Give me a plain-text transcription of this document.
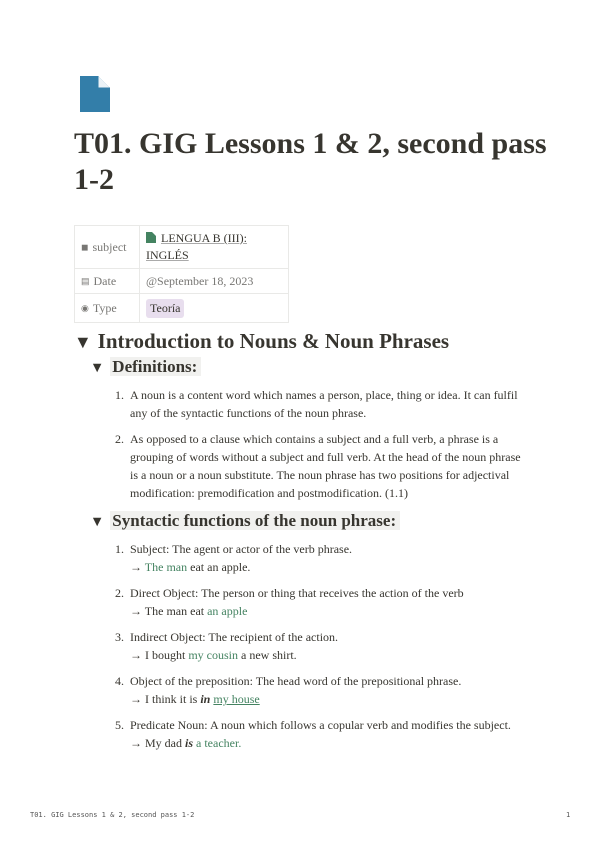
T01. GIG Lessons 1 & 2, second pass 1-2
◼ subject	LENGUA B (III): INGLÉS
▤ Date	@September 18, 2023
◉ Type	Teoría
▼ Introduction to Nouns & Noun Phrases
▼ Definitions:
1. A noun is a content word which names a person, place, thing or idea. It can fulfil any of the syntactic functions of the noun phrase.
2. As opposed to a clause which contains a subject and a full verb, a phrase is a grouping of words without a subject and full verb. At the head of the noun phrase is a noun or a noun substitute. The noun phrase has two positions for adjectival modification: premodification and postmodification. (1.1)
▼ Syntactic functions of the noun phrase:
1. Subject: The agent or actor of the verb phrase.
→ The man eat an apple.
2. Direct Object: The person or thing that receives the action of the verb
→ The man eat an apple
3. Indirect Object: The recipient of the action.
→ I bought my cousin a new shirt.
4. Object of the preposition: The head word of the prepositional phrase.
→ I think it is in my house
5. Predicate Noun: A noun which follows a copular verb and modifies the subject.
→ My dad is a teacher.
T01. GIG Lessons 1 & 2, second pass 1-2	1
